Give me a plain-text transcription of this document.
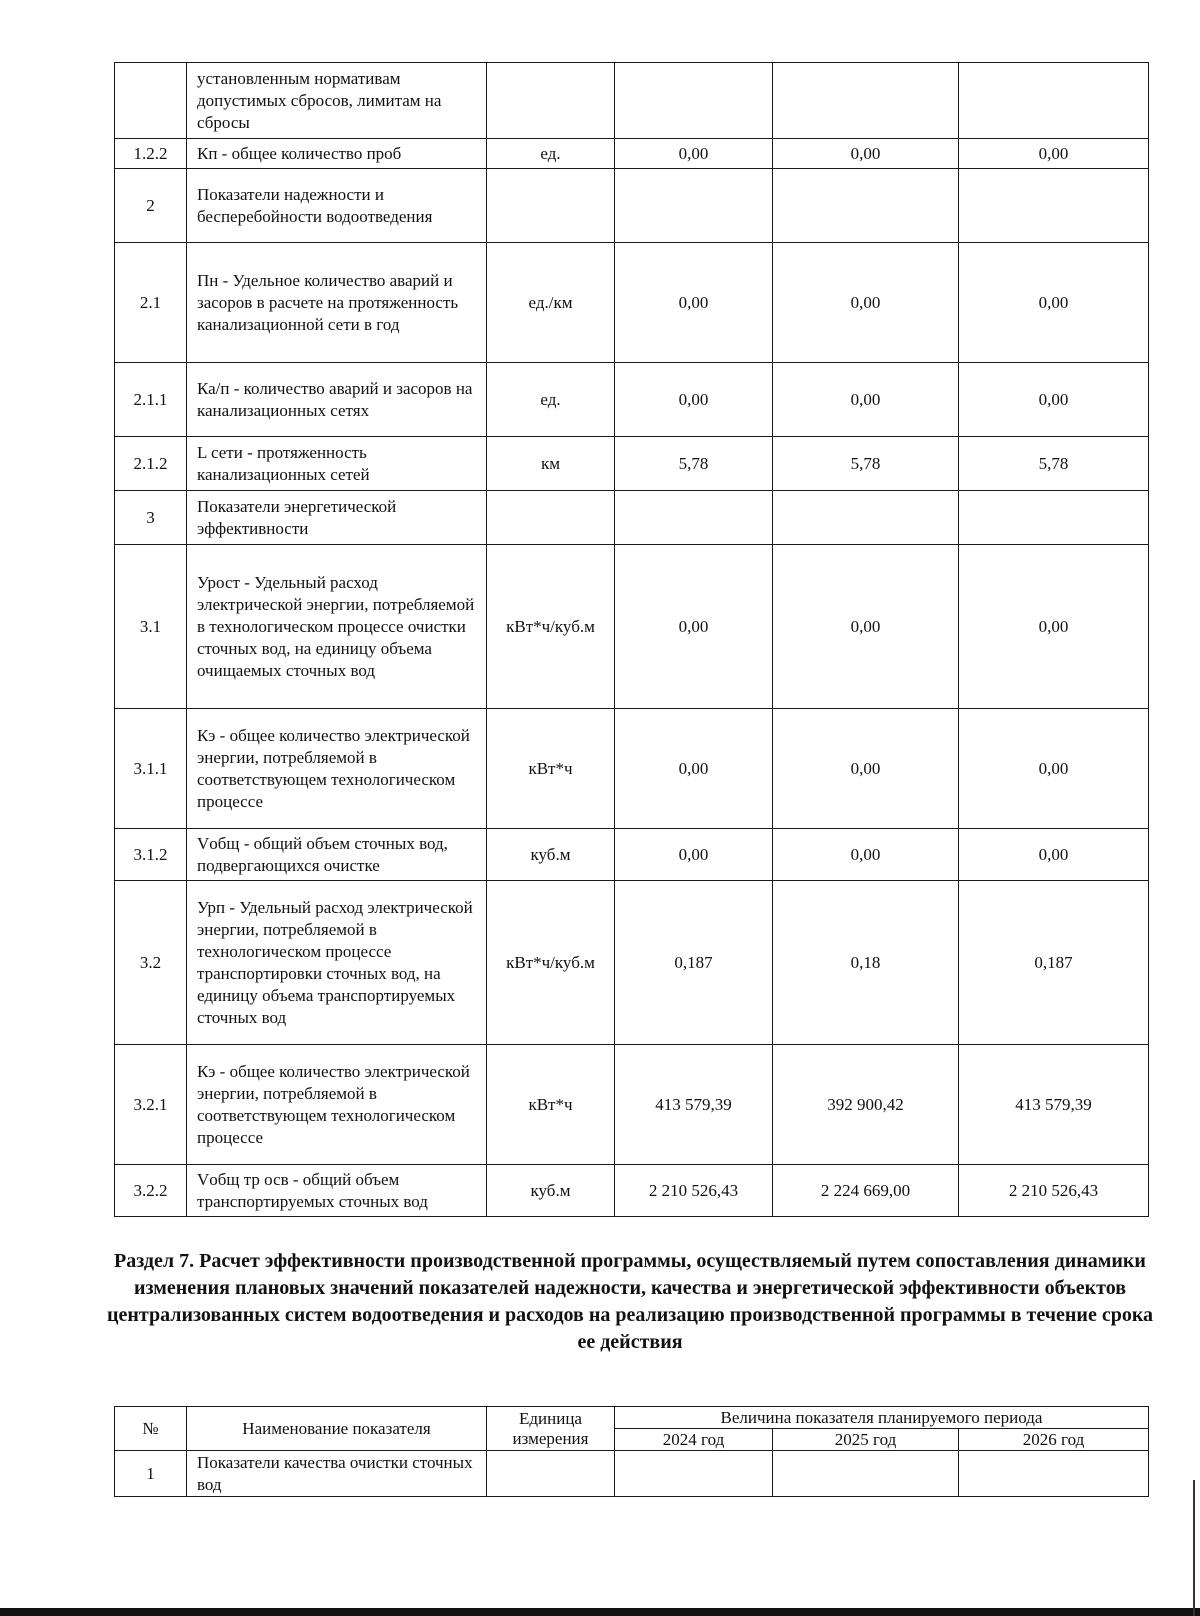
	установленным нормативам допустимых сбросов, лимитам на сбросы				
1.2.2	Кп - общее количество проб	ед.	0,00	0,00	0,00
2	Показатели надежности и бесперебойности водоотведения				
2.1	Пн - Удельное количество аварий и засоров в расчете на протяженность канализационной сети в год	ед./км	0,00	0,00	0,00
2.1.1	Ка/п - количество аварий и засоров на канализационных сетях	ед.	0,00	0,00	0,00
2.1.2	L сети - протяженность канализационных сетей	км	5,78	5,78	5,78
3	Показатели энергетической эффективности				
3.1	Урост - Удельный расход электрической энергии, потребляемой в технологическом процессе очистки сточных вод, на единицу объема очищаемых сточных вод	кВт*ч/куб.м	0,00	0,00	0,00
3.1.1	Кэ - общее количество электрической энергии, потребляемой в соответствующем технологическом процессе	кВт*ч	0,00	0,00	0,00
3.1.2	Vобщ - общий объем сточных вод, подвергающихся очистке	куб.м	0,00	0,00	0,00
3.2	Урп - Удельный расход электрической энергии, потребляемой в технологическом процессе транспортировки сточных вод, на единицу объема транспортируемых сточных вод	кВт*ч/куб.м	0,187	0,18	0,187
3.2.1	Кэ - общее количество электрической энергии, потребляемой в соответствующем технологическом процессе	кВт*ч	413 579,39	392 900,42	413 579,39
3.2.2	Vобщ тр осв - общий объем транспортируемых сточных вод	куб.м	2 210 526,43	2 224 669,00	2 210 526,43
Раздел 7. Расчет эффективности производственной программы, осуществляемый путем сопоставления динамики изменения плановых значений показателей надежности, качества и энергетической эффективности объектов централизованных систем водоотведения и расходов на реализацию производственной программы в течение срока ее действия
№	Наименование показателя	Единица измерения	Величина показателя планируемого периода		
			2024 год	2025 год	2026 год
1	Показатели качества очистки сточных вод				
